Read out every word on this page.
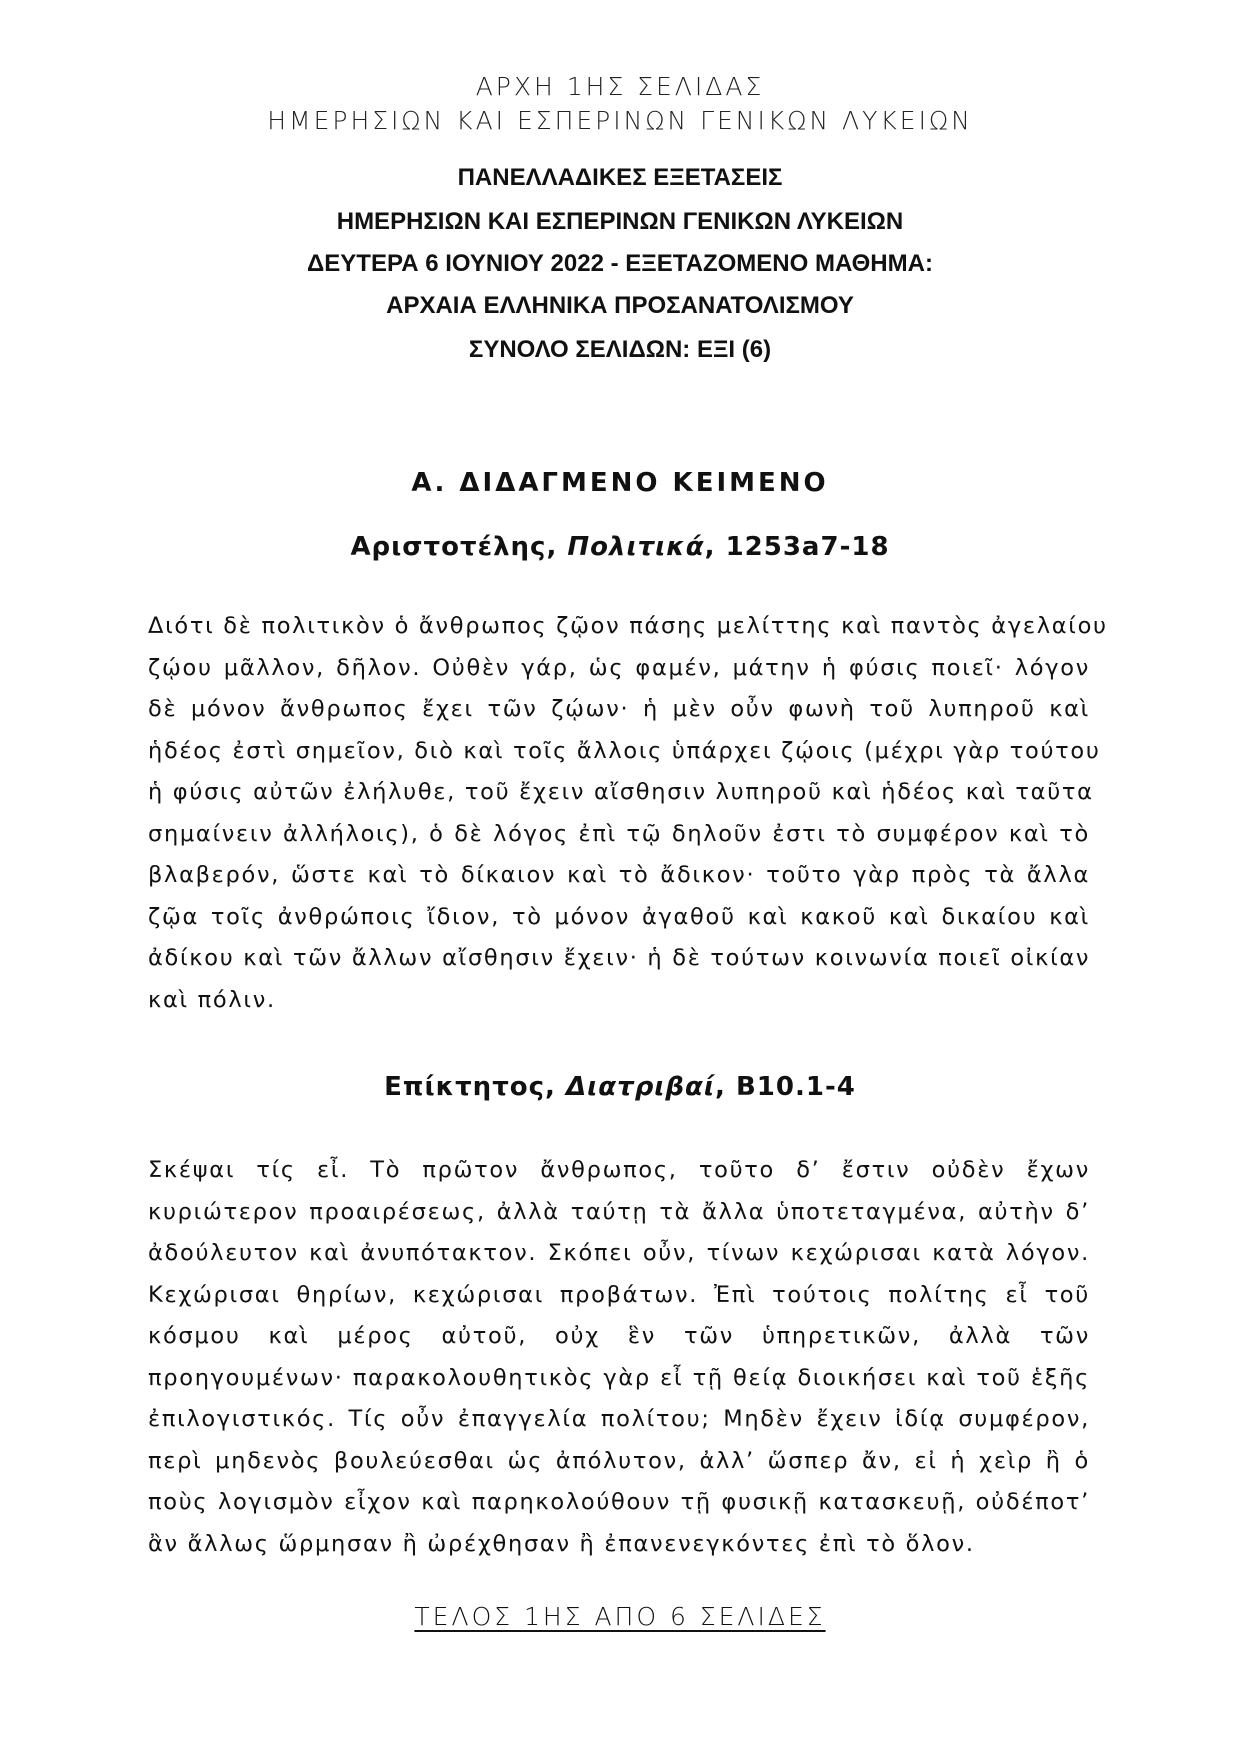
ΑΡΧΗ 1ΗΣ ΣΕΛΙΔΑΣ
ΗΜΕΡΗΣΙΩΝ ΚΑΙ ΕΣΠΕΡΙΝΩΝ ΓΕΝΙΚΩΝ ΛΥΚΕΙΩΝ
ΠΑΝΕΛΛΑΔΙΚΕΣ ΕΞΕΤΑΣΕΙΣ
ΗΜΕΡΗΣΙΩΝ ΚΑΙ ΕΣΠΕΡΙΝΩΝ ΓΕΝΙΚΩΝ ΛΥΚΕΙΩΝ
ΔΕΥΤΕΡΑ 6 ΙΟΥΝΙΟΥ 2022 - ΕΞΕΤΑΖΟΜΕΝΟ ΜΑΘΗΜΑ:
ΑΡΧΑΙΑ ΕΛΛΗΝΙΚΑ ΠΡΟΣΑΝΑΤΟΛΙΣΜΟΥ
ΣΥΝΟΛΟ ΣΕΛΙΔΩΝ: ΕΞΙ (6)
Α. ΔΙΔΑΓΜΕΝΟ ΚΕΙΜΕΝΟ
Αριστοτέλης, Πολιτικά, 1253a7-18
Διότι δὲ πολιτικὸν ὁ ἄνθρωπος ζῷον πάσης μελίττης καὶ παντὸς ἀγελαίου
ζῴου μᾶλλον, δῆλον. Οὐθὲν γάρ, ὡς φαμέν, μάτην ἡ φύσις ποιεῖ· λόγον
δὲ μόνον ἄνθρωπος ἔχει τῶν ζῴων· ἡ μὲν οὖν φωνὴ τοῦ λυπηροῦ καὶ
ἡδέος ἐστὶ σημεῖον, διὸ καὶ τοῖς ἄλλοις ὑπάρχει ζῴοις (μέχρι γὰρ τούτου
ἡ φύσις αὐτῶν ἐλήλυθε, τοῦ ἔχειν αἴσθησιν λυπηροῦ καὶ ἡδέος καὶ ταῦτα
σημαίνειν ἀλλήλοις), ὁ δὲ λόγος ἐπὶ τῷ δηλοῦν ἐστι τὸ συμφέρον καὶ τὸ
βλαβερόν, ὥστε καὶ τὸ δίκαιον καὶ τὸ ἄδικον· τοῦτο γὰρ πρὸς τὰ ἄλλα
ζῷα τοῖς ἀνθρώποις ἴδιον, τὸ μόνον ἀγαθοῦ καὶ κακοῦ καὶ δικαίου καὶ
ἀδίκου καὶ τῶν ἄλλων αἴσθησιν ἔχειν· ἡ δὲ τούτων κοινωνία ποιεῖ οἰκίαν
καὶ πόλιν.
Επίκτητος, Διατριβαί, Β10.1-4
Σκέψαι τίς εἶ. Τὸ πρῶτον ἄνθρωπος, τοῦτο δ’ ἔστιν οὐδὲν ἔχων
κυριώτερον προαιρέσεως, ἀλλὰ ταύτῃ τὰ ἄλλα ὑποτεταγμένα, αὐτὴν δ’
ἀδούλευτον καὶ ἀνυπότακτον. Σκόπει οὖν, τίνων κεχώρισαι κατὰ λόγον.
Κεχώρισαι θηρίων, κεχώρισαι προβάτων. Ἐπὶ τούτοις πολίτης εἶ τοῦ
κόσμου καὶ μέρος αὐτοῦ, οὐχ ἓν τῶν ὑπηρετικῶν, ἀλλὰ τῶν
προηγουμένων· παρακολουθητικὸς γὰρ εἶ τῇ θείᾳ διοικήσει καὶ τοῦ ἑξῆς
ἐπιλογιστικός. Τίς οὖν ἐπαγγελία πολίτου; Μηδὲν ἔχειν ἰδίᾳ συμφέρον,
περὶ μηδενὸς βουλεύεσθαι ὡς ἀπόλυτον, ἀλλ’ ὥσπερ ἄν, εἰ ἡ χεὶρ ἢ ὁ
ποὺς λογισμὸν εἶχον καὶ παρηκολούθουν τῇ φυσικῇ κατασκευῇ, οὐδέποτ’
ἂν ἄλλως ὥρμησαν ἢ ὠρέχθησαν ἢ ἐπανενεγκόντες ἐπὶ τὸ ὅλον.
ΤΕΛΟΣ 1ΗΣ ΑΠΟ 6 ΣΕΛΙΔΕΣ
